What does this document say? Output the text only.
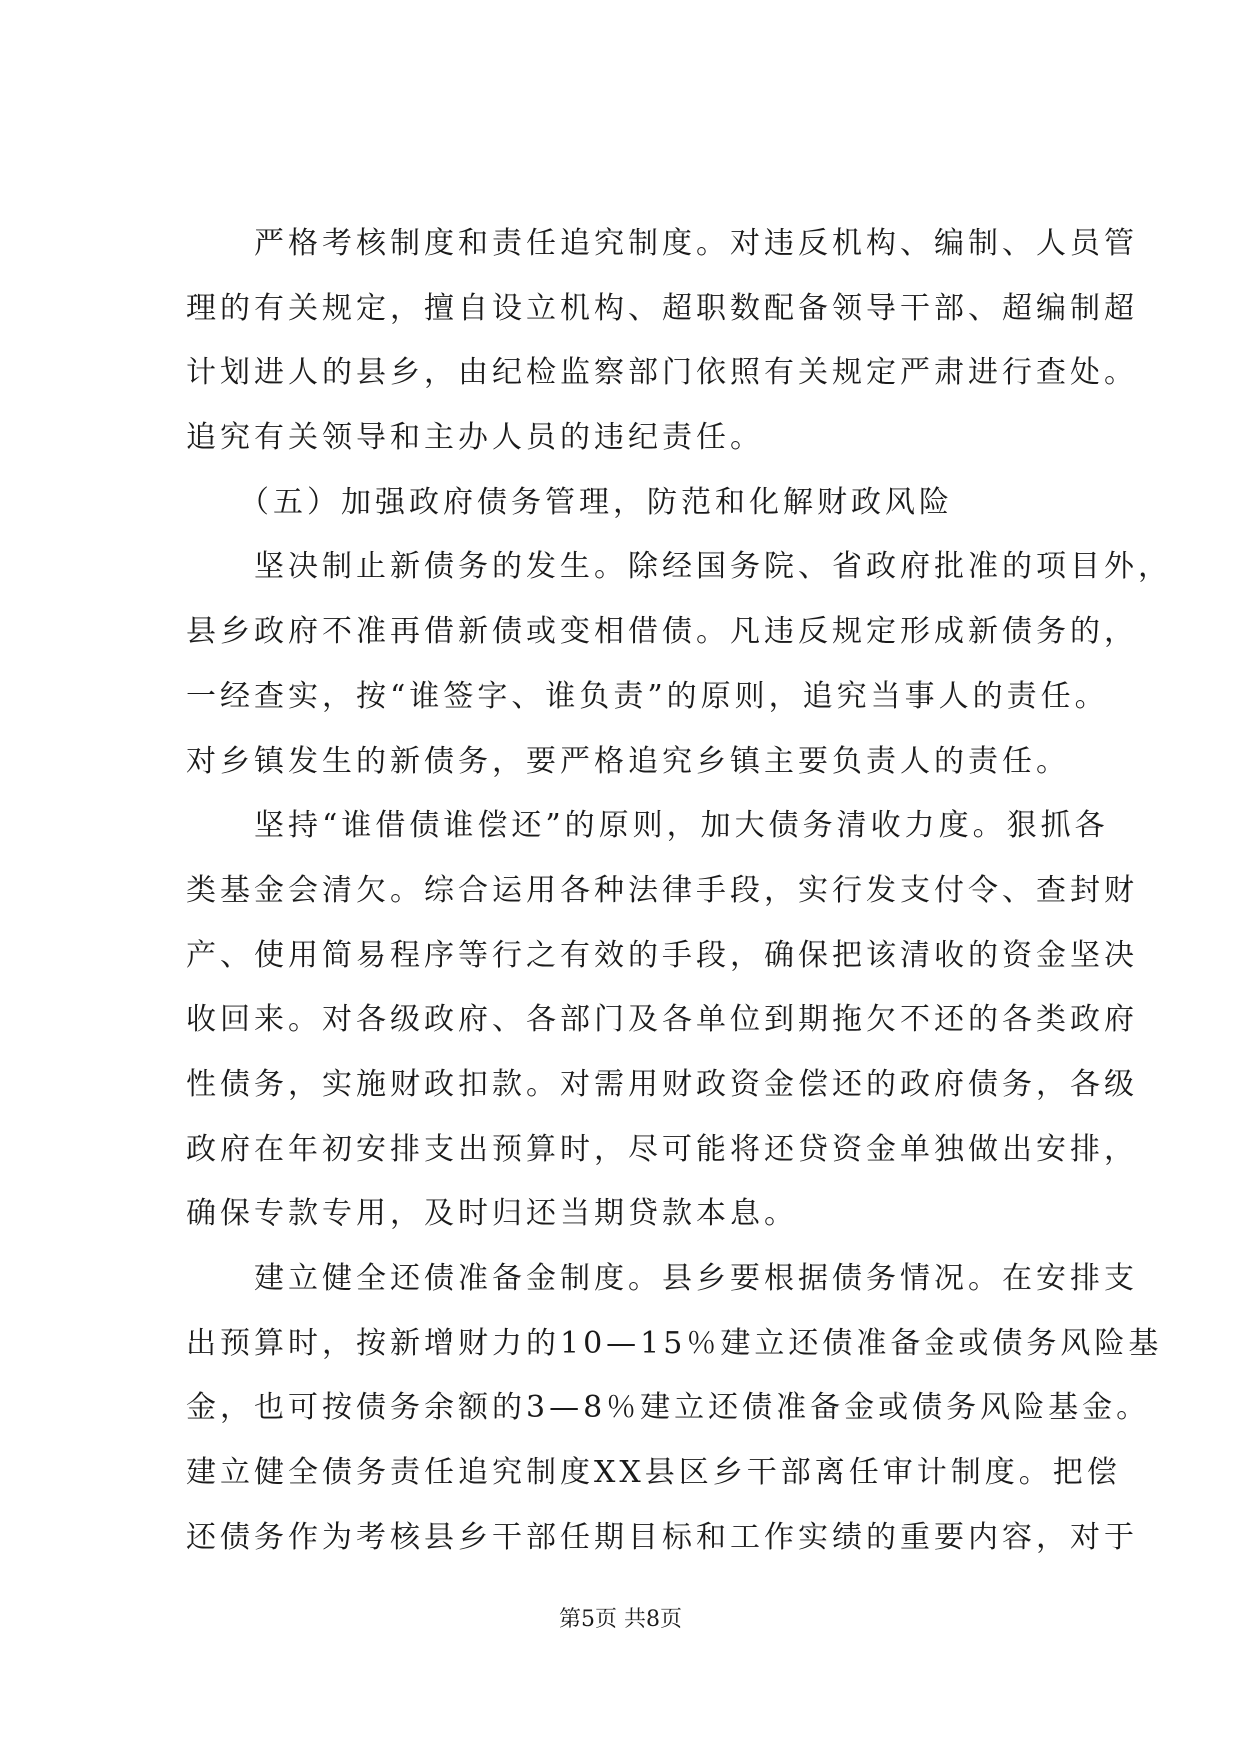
　　严格考核制度和责任追究制度。对违反机构、编制、人员管
理的有关规定，擅自设立机构、超职数配备领导干部、超编制超
计划进人的县乡，由纪检监察部门依照有关规定严肃进行查处。
追究有关领导和主办人员的违纪责任。
　　（五）加强政府债务管理，防范和化解财政风险
　　坚决制止新债务的发生。除经国务院、省政府批准的项目外，
县乡政府不准再借新债或变相借债。凡违反规定形成新债务的，
一经查实，按“谁签字、谁负责”的原则，追究当事人的责任。
对乡镇发生的新债务，要严格追究乡镇主要负责人的责任。
　　坚持“谁借债谁偿还”的原则，加大债务清收力度。狠抓各
类基金会清欠。综合运用各种法律手段，实行发支付令、查封财
产、使用简易程序等行之有效的手段，确保把该清收的资金坚决
收回来。对各级政府、各部门及各单位到期拖欠不还的各类政府
性债务，实施财政扣款。对需用财政资金偿还的政府债务，各级
政府在年初安排支出预算时，尽可能将还贷资金单独做出安排，
确保专款专用，及时归还当期贷款本息。
　　建立健全还债准备金制度。县乡要根据债务情况。在安排支
出预算时，按新增财力的10—15％建立还债准备金或债务风险基
金，也可按债务余额的3—8％建立还债准备金或债务风险基金。
建立健全债务责任追究制度XX县区乡干部离任审计制度。把偿
还债务作为考核县乡干部任期目标和工作实绩的重要内容，对于
第5页 共8页
